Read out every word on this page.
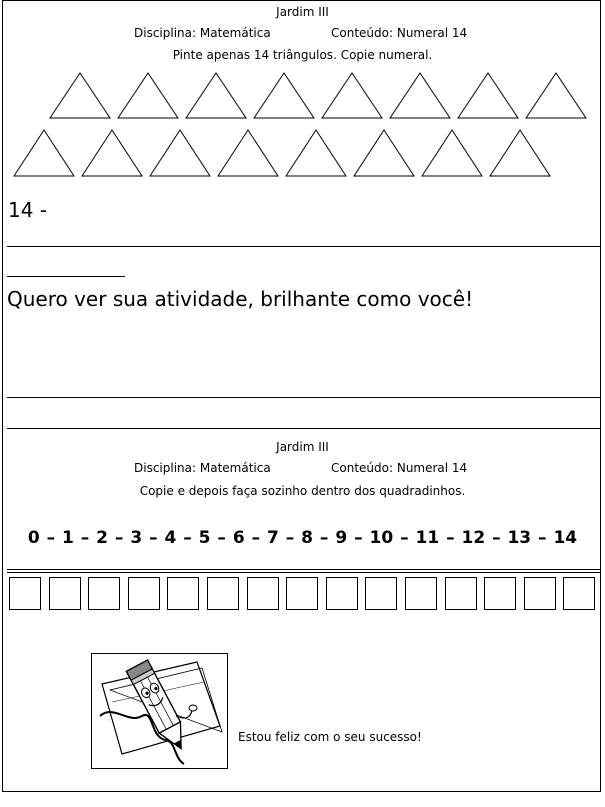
Jardim III
Disciplina: Matemática	Conteúdo: Numeral 14
Pinte apenas 14 triângulos. Copie numeral.
14 -
Quero ver sua atividade, brilhante como você!
Jardim III
Disciplina: Matemática	Conteúdo: Numeral 14
Copie e depois faça sozinho dentro dos quadradinhos.
0 – 1 – 2 – 3 – 4 – 5 – 6 – 7 – 8 – 9 – 10 – 11 – 12 – 13 – 14
Estou feliz com o seu sucesso!
